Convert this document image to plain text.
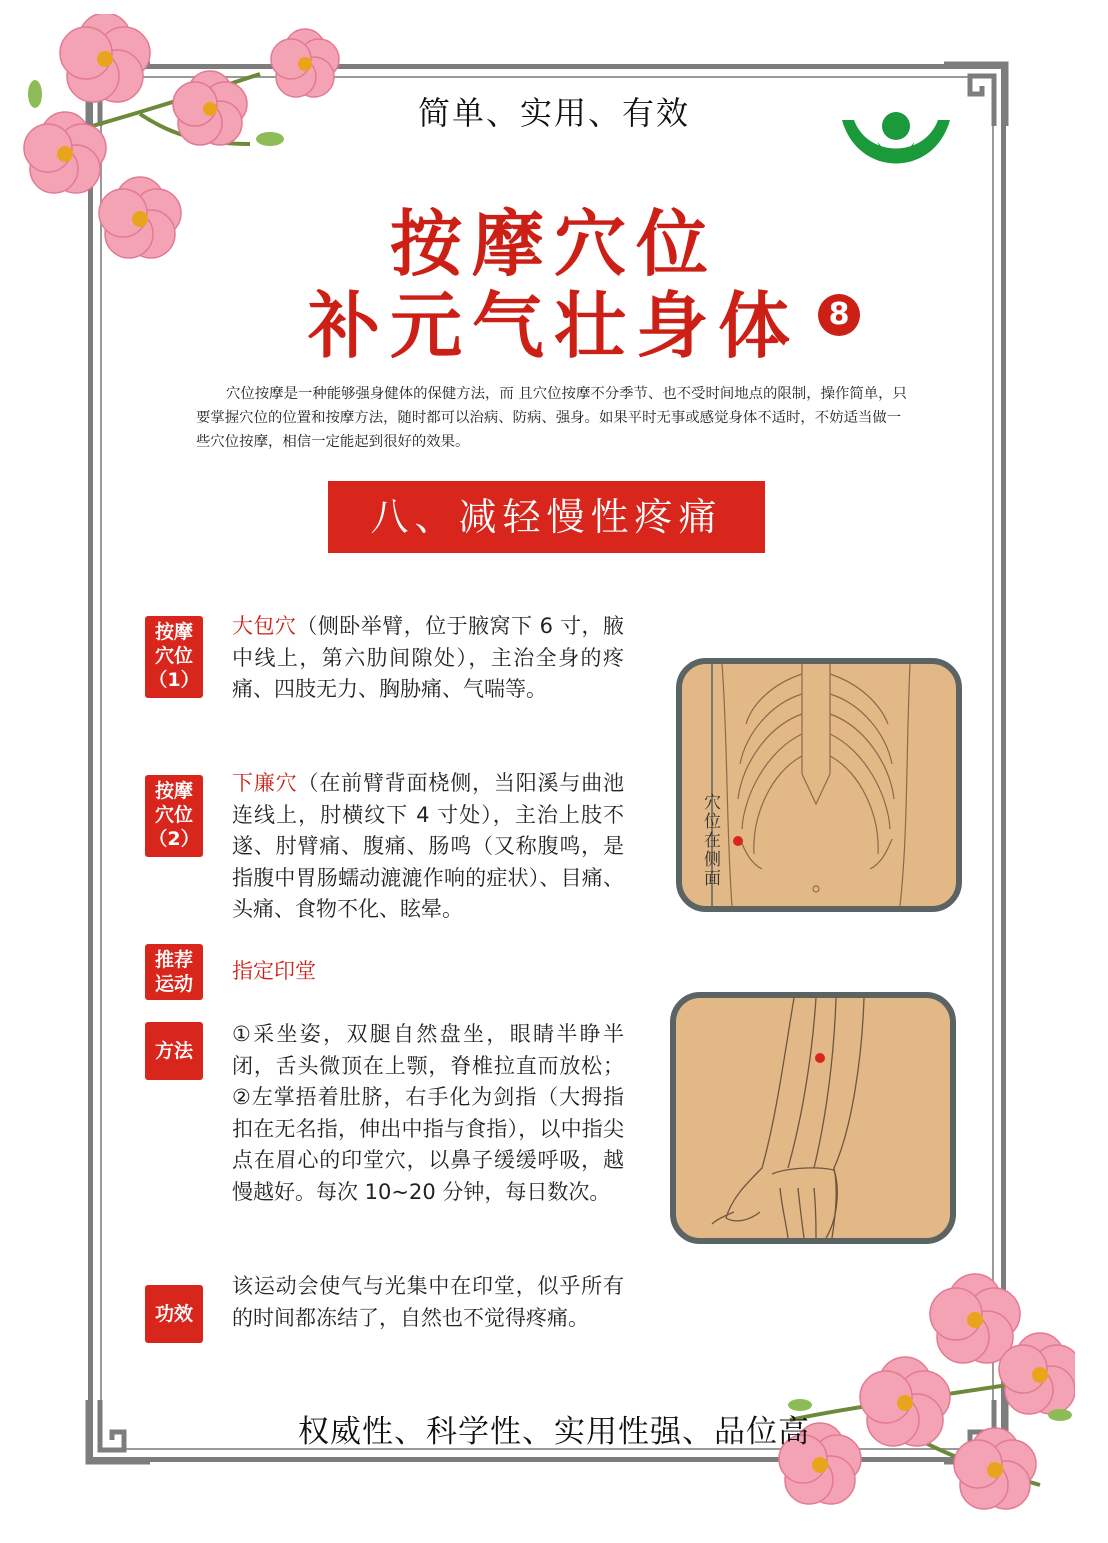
简单、实用、有效
按摩穴位
补元气壮身体 8

穴位按摩是一种能够强身健体的保健方法，而 且穴位按摩不分季节、也不受时间地点的限制，操作简单，只要掌握穴位的位置和按摩方法，随时都可以治病、防病、强身。如果平时无事或感觉身体不适时，不妨适当做一些穴位按摩，相信一定能起到很好的效果。

八、减轻慢性疼痛
按摩
穴位
（1）
大包穴（侧卧举臂，位于腋窝下 6 寸，腋中线上，第六肋间隙处），主治全身的疼痛、四肢无力、胸胁痛、气喘等。
按摩
穴位
（2）
下廉穴（在前臂背面桡侧，当阳溪与曲池连线上，肘横纹下 4 寸处），主治上肢不遂、肘臂痛、腹痛、肠鸣（又称腹鸣，是指腹中胃肠蠕动漉漉作响的症状）、目痛、头痛、食物不化、眩晕。
推荐
运动
指定印堂
方法
①采坐姿，双腿自然盘坐，眼睛半睁半闭，舌头微顶在上颚，脊椎拉直而放松；②左掌捂着肚脐，右手化为剑指（大拇指扣在无名指，伸出中指与食指），以中指尖点在眉心的印堂穴，以鼻子缓缓呼吸，越慢越好。每次 10~20 分钟，每日数次。
功效
该运动会使气与光集中在印堂，似乎所有的时间都冻结了，自然也不觉得疼痛。
穴位在侧面
权威性、科学性、实用性强、品位高
